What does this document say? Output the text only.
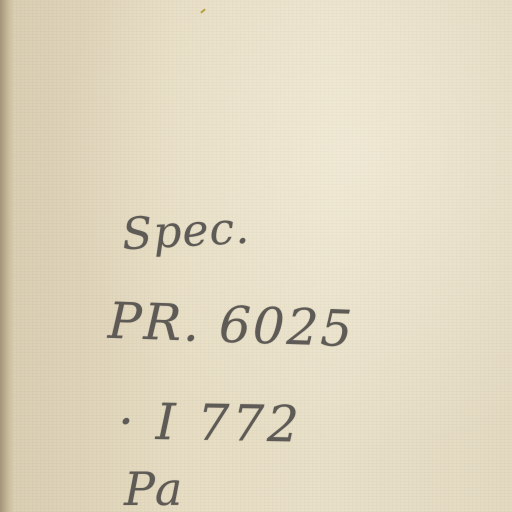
Spec.

PR. 6025

· I 772

Pa
